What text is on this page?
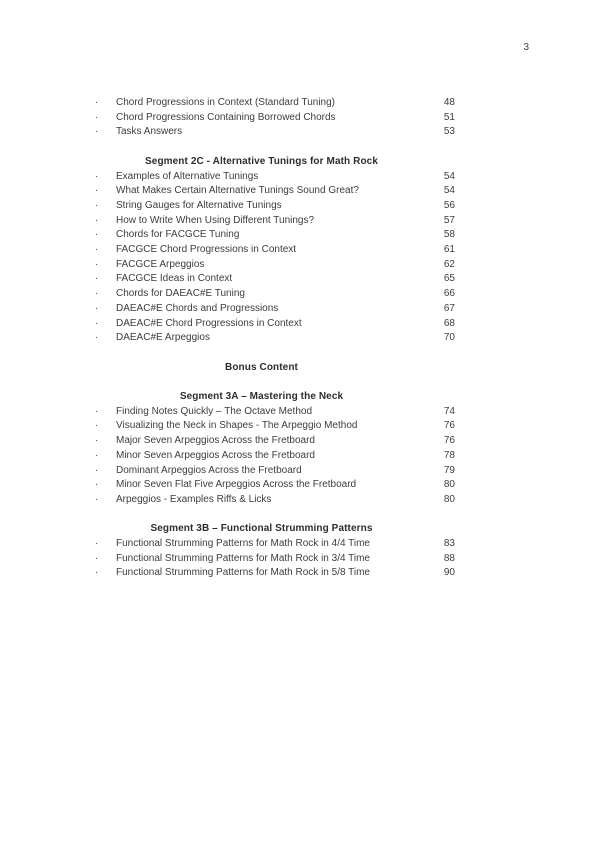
3
·	Chord Progressions in Context (Standard Tuning)	48
·	Chord Progressions Containing Borrowed Chords	51
·	Tasks Answers	53
Segment 2C - Alternative Tunings for Math Rock
·	Examples of Alternative Tunings	54
·	What Makes Certain Alternative Tunings Sound Great?	54
·	String Gauges for Alternative Tunings	56
·	How to Write When Using Different Tunings?	57
·	Chords for FACGCE Tuning	58
·	FACGCE Chord Progressions in Context	61
·	FACGCE Arpeggios	62
·	FACGCE Ideas in Context	65
·	Chords for DAEAC#E Tuning	66
·	DAEAC#E Chords and Progressions	67
·	DAEAC#E Chord Progressions in Context	68
·	DAEAC#E Arpeggios	70
Bonus Content
Segment 3A – Mastering the Neck
·	Finding Notes Quickly – The Octave Method	74
·	Visualizing the Neck in Shapes - The Arpeggio Method	76
·	Major Seven Arpeggios Across the Fretboard	76
·	Minor Seven Arpeggios Across the Fretboard	78
·	Dominant Arpeggios Across the Fretboard	79
·	Minor Seven Flat Five Arpeggios Across the Fretboard	80
·	Arpeggios - Examples Riffs & Licks	80
Segment 3B – Functional Strumming Patterns
·	Functional Strumming Patterns for Math Rock in 4/4 Time	83
·	Functional Strumming Patterns for Math Rock in 3/4 Time	88
·	Functional Strumming Patterns for Math Rock in 5/8 Time	90
